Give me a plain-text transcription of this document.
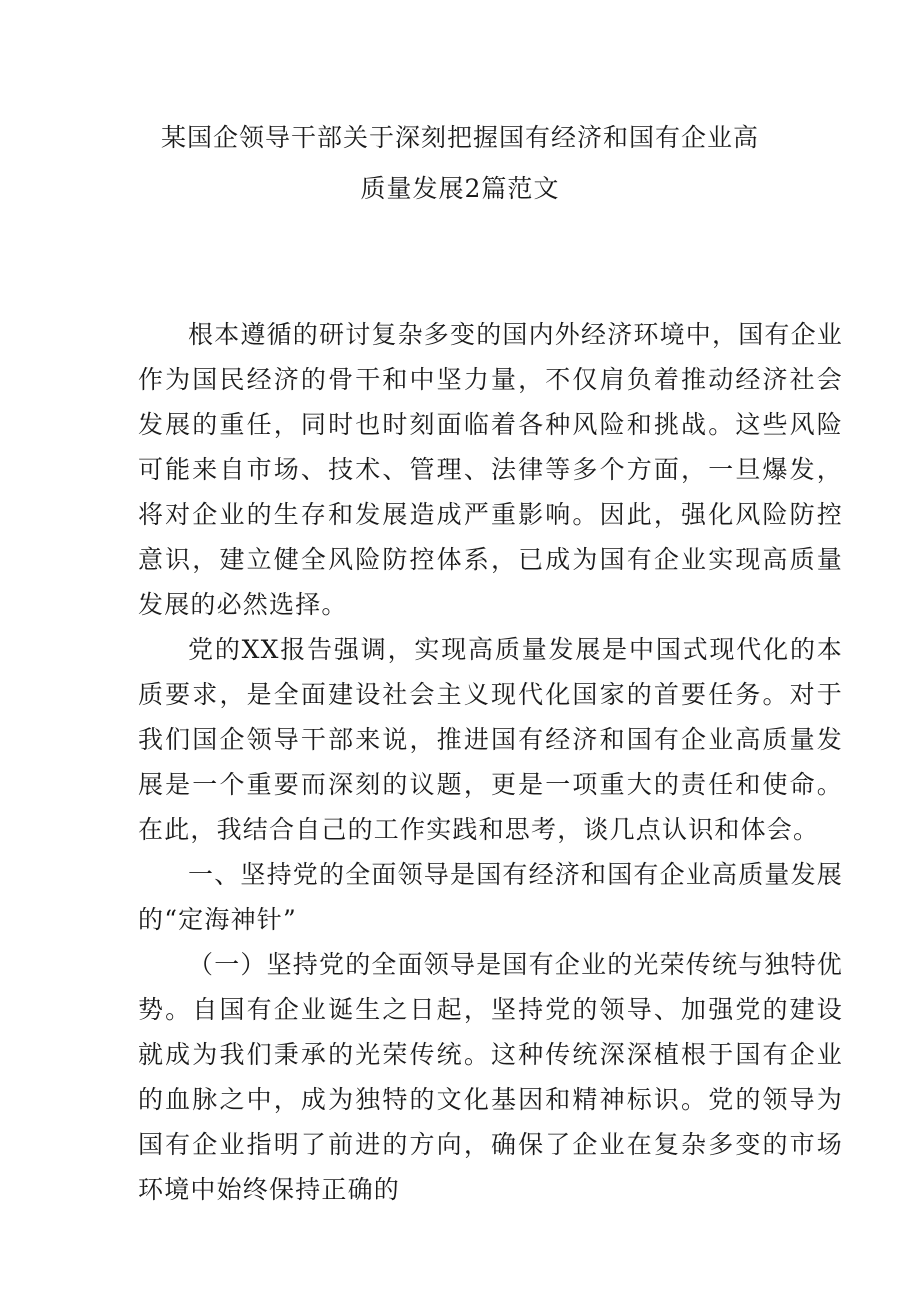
某国企领导干部关于深刻把握国有经济和国有企业高
质量发展2篇范文

根本遵循的研讨复杂多变的国内外经济环境中，国有企业作为国民经济的骨干和中坚力量，不仅肩负着推动经济社会发展的重任，同时也时刻面临着各种风险和挑战。这些风险可能来自市场、技术、管理、法律等多个方面，一旦爆发，将对企业的生存和发展造成严重影响。因此，强化风险防控意识，建立健全风险防控体系，已成为国有企业实现高质量发展的必然选择。

党的XX报告强调，实现高质量发展是中国式现代化的本质要求，是全面建设社会主义现代化国家的首要任务。对于我们国企领导干部来说，推进国有经济和国有企业高质量发展是一个重要而深刻的议题，更是一项重大的责任和使命。在此，我结合自己的工作实践和思考，谈几点认识和体会。

一、坚持党的全面领导是国有经济和国有企业高质量发展的“定海神针”

（一）坚持党的全面领导是国有企业的光荣传统与独特优势。自国有企业诞生之日起，坚持党的领导、加强党的建设就成为我们秉承的光荣传统。这种传统深深植根于国有企业的血脉之中，成为独特的文化基因和精神标识。党的领导为国有企业指明了前进的方向，确保了企业在复杂多变的市场环境中始终保持正确的
